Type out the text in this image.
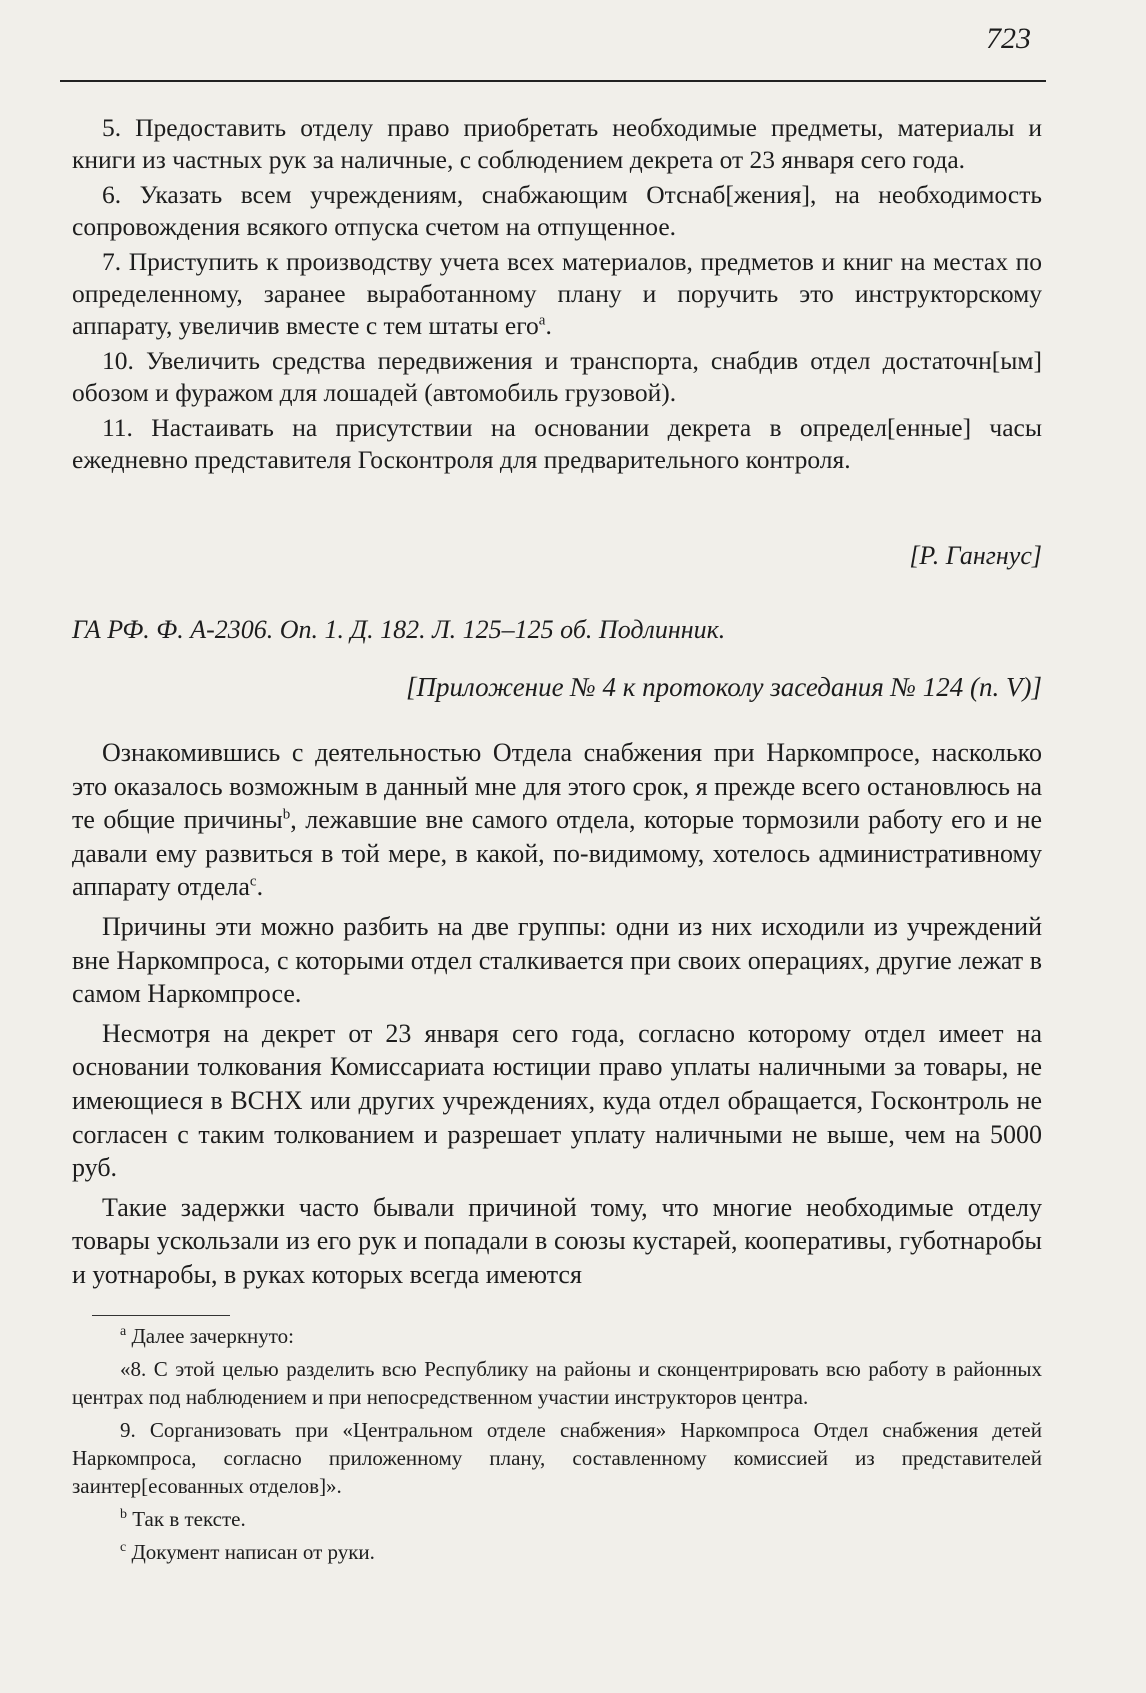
723

5. Предоставить отделу право приобретать необходимые предметы, материалы и книги из частных рук за наличные, с соблюдением декрета от 23 января сего года.

6. Указать всем учреждениям, снабжающим Отснаб[жения], на необходимость сопровождения всякого отпуска счетом на отпущенное.

7. Приступить к производству учета всех материалов, предметов и книг на местах по определенному, заранее выработанному плану и поручить это инструкторскому аппарату, увеличив вместе с тем штаты его$^a$.

10. Увеличить средства передвижения и транспорта, снабдив отдел достаточн[ым] обозом и фуражом для лошадей (автомобиль грузовой).

11. Настаивать на присутствии на основании декрета в определ[енные] часы ежедневно представителя Госконтроля для предварительного контроля.

[Р. Гангнус]
ГА РФ. Ф. А-2306. Оп. 1. Д. 182. Л. 125–125 об. Подлинник.
[Приложение № 4 к протоколу заседания № 124 (п. V)]

Ознакомившись с деятельностью Отдела снабжения при Наркомпросе, насколько это оказалось возможным в данный мне для этого срок, я прежде всего остановлюсь на те общие причины$^b$, лежавшие вне самого отдела, которые тормозили работу его и не давали ему развиться в той мере, в какой, по-видимому, хотелось административному аппарату отдела$^c$.

Причины эти можно разбить на две группы: одни из них исходили из учреждений вне Наркомпроса, с которыми отдел сталкивается при своих операциях, другие лежат в самом Наркомпросе.

Несмотря на декрет от 23 января сего года, согласно которому отдел имеет на основании толкования Комиссариата юстиции право уплаты наличными за товары, не имеющиеся в ВСНХ или других учреждениях, куда отдел обращается, Госконтроль не согласен с таким толкованием и разрешает уплату наличными не выше, чем на 5000 руб.

Такие задержки часто бывали причиной тому, что многие необходимые отделу товары ускользали из его рук и попадали в союзы кустарей, кооперативы, губотнаробы и уотнаробы, в руках которых всегда имеются

$^a$ Далее зачеркнуто:

«8. С этой целью разделить всю Республику на районы и сконцентрировать всю работу в районных центрах под наблюдением и при непосредственном участии инструкторов центра.

9. Сорганизовать при «Центральном отделе снабжения» Наркомпроса Отдел снабжения детей Наркомпроса, согласно приложенному плану, составленному комиссией из представителей заинтер[есованных отделов]».

$^b$ Так в тексте.

$^c$ Документ написан от руки.
